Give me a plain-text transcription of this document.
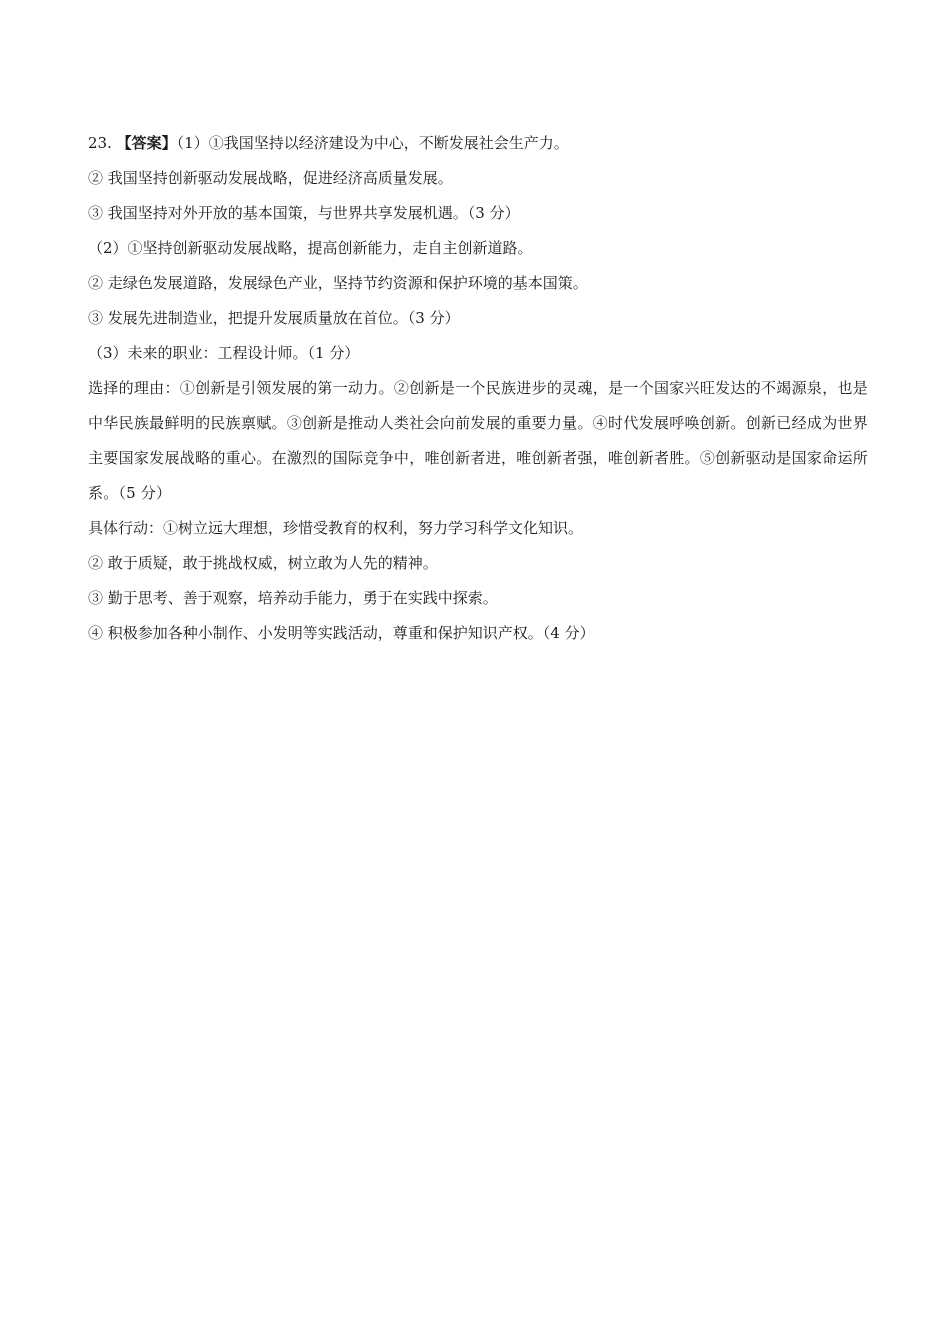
23. 【答案】（1）①我国坚持以经济建设为中心，不断发展社会生产力。

② 我国坚持创新驱动发展战略，促进经济高质量发展。

③ 我国坚持对外开放的基本国策，与世界共享发展机遇。（3 分）

（2）①坚持创新驱动发展战略，提高创新能力，走自主创新道路。

② 走绿色发展道路，发展绿色产业，坚持节约资源和保护环境的基本国策。

③ 发展先进制造业，把提升发展质量放在首位。（3 分）

（3）未来的职业：工程设计师。（1 分）

选择的理由：①创新是引领发展的第一动力。②创新是一个民族进步的灵魂，是一个国家兴旺发达的不竭源泉，也是中华民族最鲜明的民族禀赋。③创新是推动人类社会向前发展的重要力量。④时代发展呼唤创新。创新已经成为世界主要国家发展战略的重心。在激烈的国际竞争中，唯创新者进，唯创新者强，唯创新者胜。⑤创新驱动是国家命运所系。（5 分）

具体行动：①树立远大理想，珍惜受教育的权利，努力学习科学文化知识。

② 敢于质疑，敢于挑战权威，树立敢为人先的精神。

③ 勤于思考、善于观察，培养动手能力，勇于在实践中探索。

④ 积极参加各种小制作、小发明等实践活动，尊重和保护知识产权。（4 分）
